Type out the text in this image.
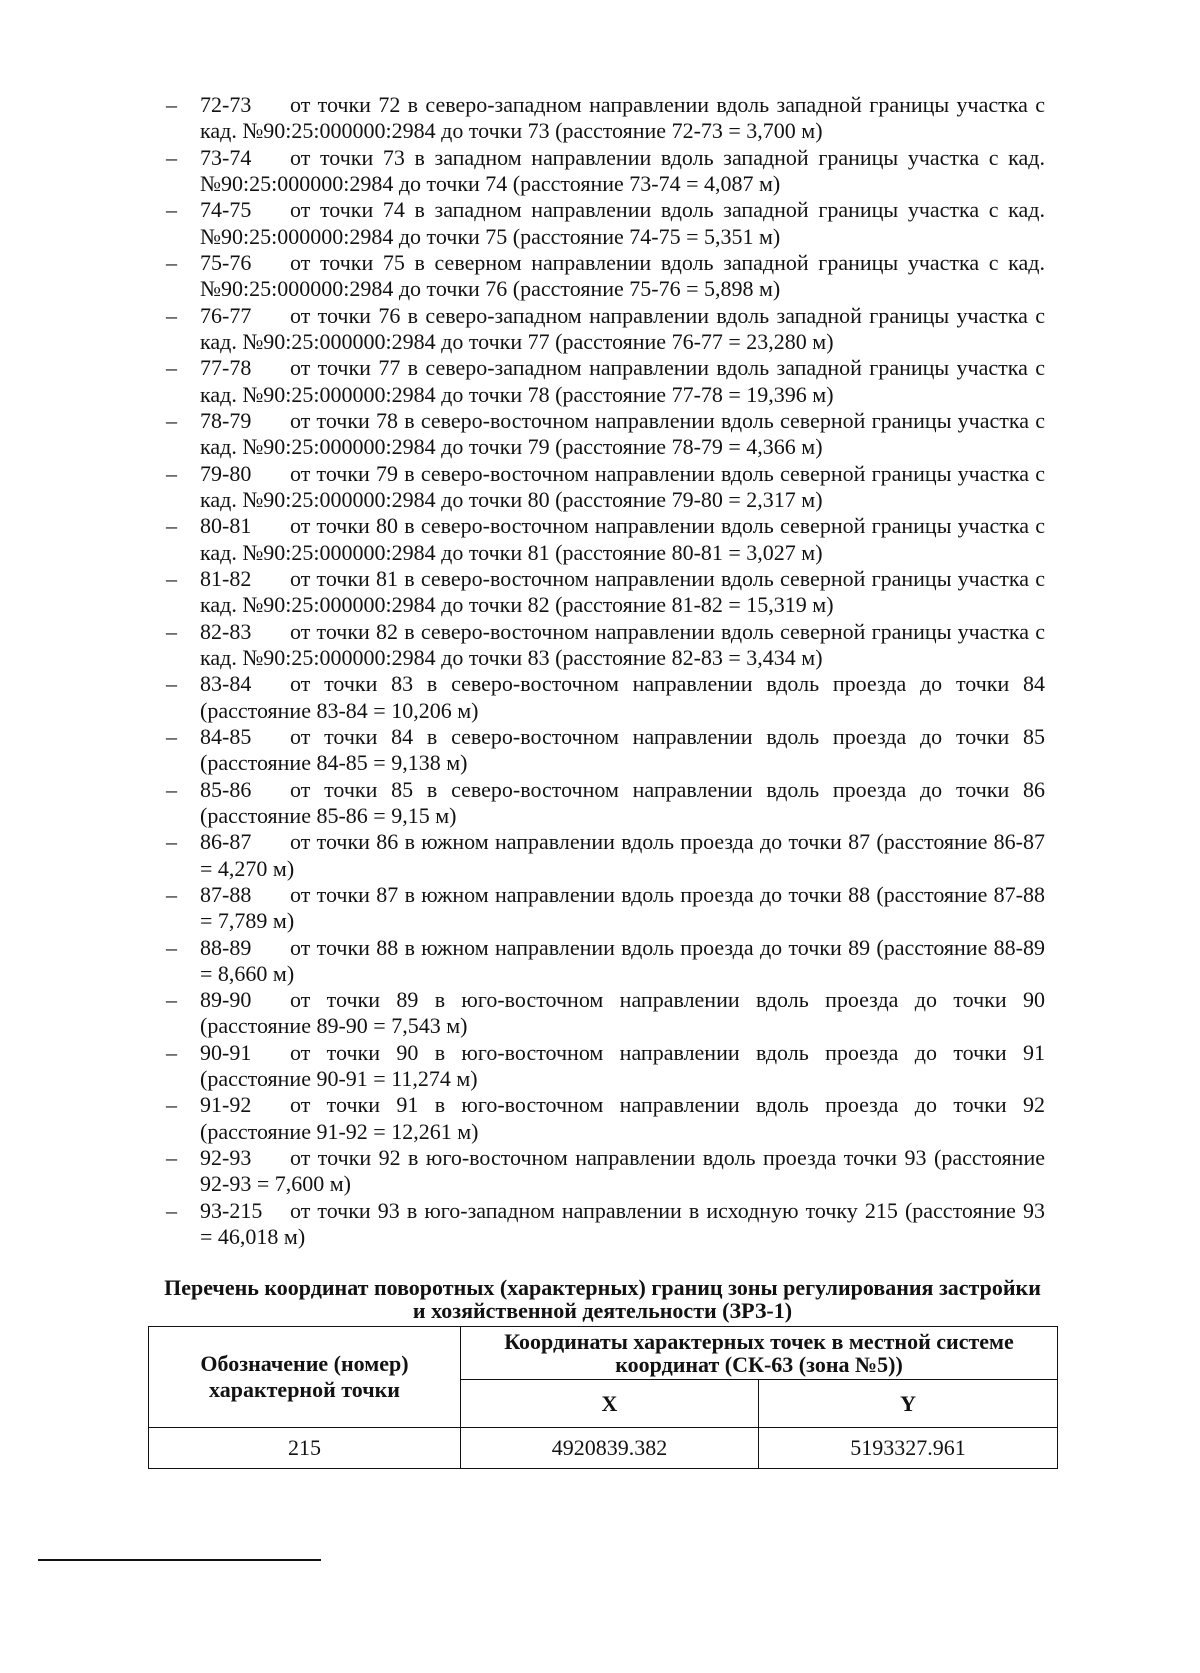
– 72-73 от точки 72 в северо-западном направлении вдоль западной границы участка с кад. №90:25:000000:2984 до точки 73 (расстояние 72-73 = 3,700 м)
– 73-74 от точки 73 в западном направлении вдоль западной границы участка с кад. №90:25:000000:2984 до точки 74 (расстояние 73-74 = 4,087 м)
– 74-75 от точки 74 в западном направлении вдоль западной границы участка с кад. №90:25:000000:2984 до точки 75 (расстояние 74-75 = 5,351 м)
– 75-76 от точки 75 в северном направлении вдоль западной границы участка с кад. №90:25:000000:2984 до точки 76 (расстояние 75-76 = 5,898 м)
– 76-77 от точки 76 в северо-западном направлении вдоль западной границы участка с кад. №90:25:000000:2984 до точки 77 (расстояние 76-77 = 23,280 м)
– 77-78 от точки 77 в северо-западном направлении вдоль западной границы участка с кад. №90:25:000000:2984 до точки 78 (расстояние 77-78 = 19,396 м)
– 78-79 от точки 78 в северо-восточном направлении вдоль северной границы участка с кад. №90:25:000000:2984 до точки 79 (расстояние 78-79 = 4,366 м)
– 79-80 от точки 79 в северо-восточном направлении вдоль северной границы участка с кад. №90:25:000000:2984 до точки 80 (расстояние 79-80 = 2,317 м)
– 80-81 от точки 80 в северо-восточном направлении вдоль северной границы участка с кад. №90:25:000000:2984 до точки 81 (расстояние 80-81 = 3,027 м)
– 81-82 от точки 81 в северо-восточном направлении вдоль северной границы участка с кад. №90:25:000000:2984 до точки 82 (расстояние 81-82 = 15,319 м)
– 82-83 от точки 82 в северо-восточном направлении вдоль северной границы участка с кад. №90:25:000000:2984 до точки 83 (расстояние 82-83 = 3,434 м)
– 83-84 от точки 83 в северо-восточном направлении вдоль проезда до точки 84 (расстояние 83-84 = 10,206 м)
– 84-85 от точки 84 в северо-восточном направлении вдоль проезда до точки 85 (расстояние 84-85 = 9,138 м)
– 85-86 от точки 85 в северо-восточном направлении вдоль проезда до точки 86 (расстояние 85-86 = 9,15 м)
– 86-87 от точки 86 в южном направлении вдоль проезда до точки 87 (расстояние 86-87 = 4,270 м)
– 87-88 от точки 87 в южном направлении вдоль проезда до точки 88 (расстояние 87-88 = 7,789 м)
– 88-89 от точки 88 в южном направлении вдоль проезда до точки 89 (расстояние 88-89 = 8,660 м)
– 89-90 от точки 89 в юго-восточном направлении вдоль проезда до точки 90 (расстояние 89-90 = 7,543 м)
– 90-91 от точки 90 в юго-восточном направлении вдоль проезда до точки 91 (расстояние 90-91 = 11,274 м)
– 91-92 от точки 91 в юго-восточном направлении вдоль проезда до точки 92 (расстояние 91-92 = 12,261 м)
– 92-93 от точки 92 в юго-восточном направлении вдоль проезда точки 93 (расстояние 92-93 = 7,600 м)
– 93-215 от точки 93 в юго-западном направлении в исходную точку 215 (расстояние 93 = 46,018 м)
Перечень координат поворотных (характерных) границ зоны регулирования застройки
и хозяйственной деятельности (ЗРЗ-1)
Обозначение (номер) характерной точки	Координаты характерных точек в местной системе координат (СК-63 (зона №5))	
	X	Y
215	4920839.382	5193327.961
